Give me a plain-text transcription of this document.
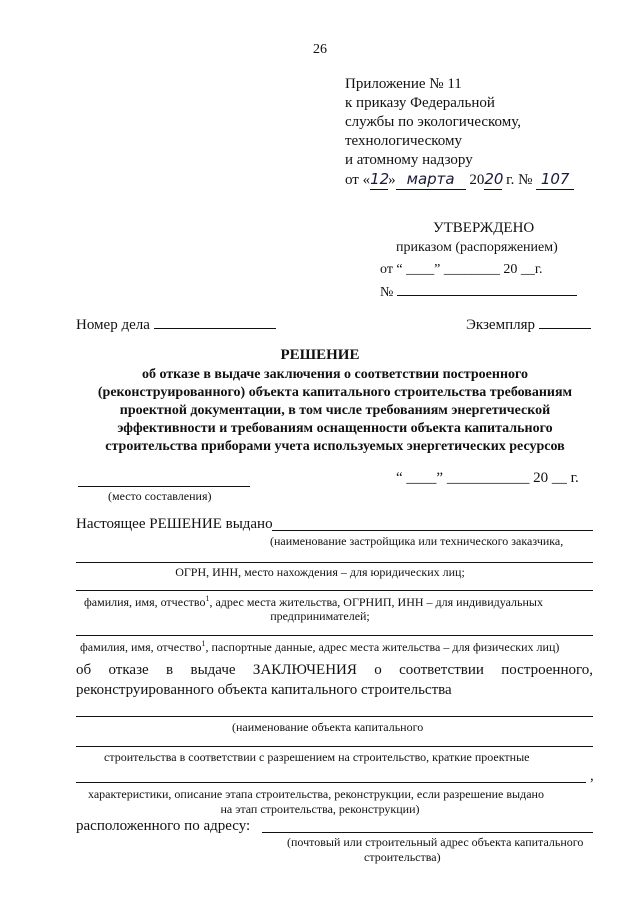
26
Приложение № 11
к приказу Федеральной
службы по экологическому,
технологическому
и атомному надзору
от «12» марта 2020 г. № 107
УТВЕРЖДЕНО
приказом (распоряжением)
от “ ____” ________ 20 __г.
№
Номер дела	Экземпляр
РЕШЕНИЕ
об отказе в выдаче заключения о соответствии построенного (реконструированного) объекта капитального строительства требованиям проектной документации, в том числе требованиям энергетической эффективности и требованиям оснащенности объекта капитального строительства приборами учета используемых энергетических ресурсов
(место составления)
“ ____” ___________ 20 __ г.
Настоящее РЕШЕНИЕ выдано
(наименование застройщика или технического заказчика,
ОГРН, ИНН, место нахождения – для юридических лиц;
фамилия, имя, отчество$^1$, адрес места жительства, ОГРНИП, ИНН – для индивидуальных
предпринимателей;
фамилия, имя, отчество$^1$, паспортные данные, адрес места жительства – для физических лиц)
об отказе в выдаче ЗАКЛЮЧЕНИЯ о соответствии построенного, реконструированного объекта капитального строительства
(наименование объекта капитального
строительства в соответствии с разрешением на строительство, краткие проектные
,
характеристики, описание этапа строительства, реконструкции, если разрешение выдано
на этап строительства, реконструкции)
расположенного по адресу:
(почтовый или строительный адрес объекта капитального
строительства)
